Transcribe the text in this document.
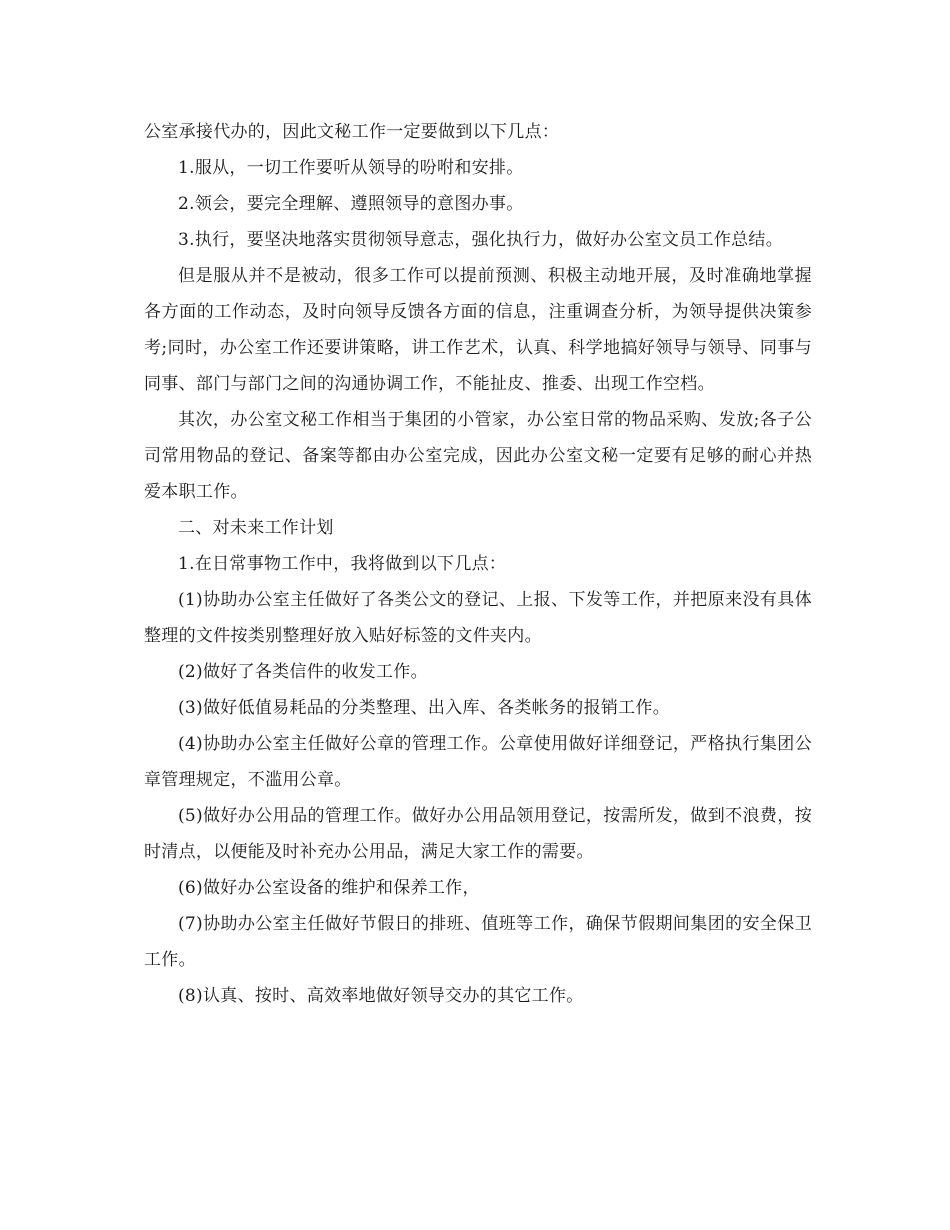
公室承接代办的，因此文秘工作一定要做到以下几点：

1.服从，一切工作要听从领导的吩咐和安排。

2.领会，要完全理解、遵照领导的意图办事。

3.执行，要坚决地落实贯彻领导意志，强化执行力，做好办公室文员工作总结。

但是服从并不是被动，很多工作可以提前预测、积极主动地开展，及时准确地掌握各方面的工作动态，及时向领导反馈各方面的信息，注重调查分析，为领导提供决策参考;同时，办公室工作还要讲策略，讲工作艺术，认真、科学地搞好领导与领导、同事与同事、部门与部门之间的沟通协调工作，不能扯皮、推委、出现工作空档。

其次，办公室文秘工作相当于集团的小管家，办公室日常的物品采购、发放;各子公司常用物品的登记、备案等都由办公室完成，因此办公室文秘一定要有足够的耐心并热爱本职工作。

二、对未来工作计划

1.在日常事物工作中，我将做到以下几点：

(1)协助办公室主任做好了各类公文的登记、上报、下发等工作，并把原来没有具体整理的文件按类别整理好放入贴好标签的文件夹内。

(2)做好了各类信件的收发工作。

(3)做好低值易耗品的分类整理、出入库、各类帐务的报销工作。

(4)协助办公室主任做好公章的管理工作。公章使用做好详细登记，严格执行集团公章管理规定，不滥用公章。

(5)做好办公用品的管理工作。做好办公用品领用登记，按需所发，做到不浪费，按时清点，以便能及时补充办公用品，满足大家工作的需要。

(6)做好办公室设备的维护和保养工作，

(7)协助办公室主任做好节假日的排班、值班等工作，确保节假期间集团的安全保卫工作。

(8)认真、按时、高效率地做好领导交办的其它工作。
